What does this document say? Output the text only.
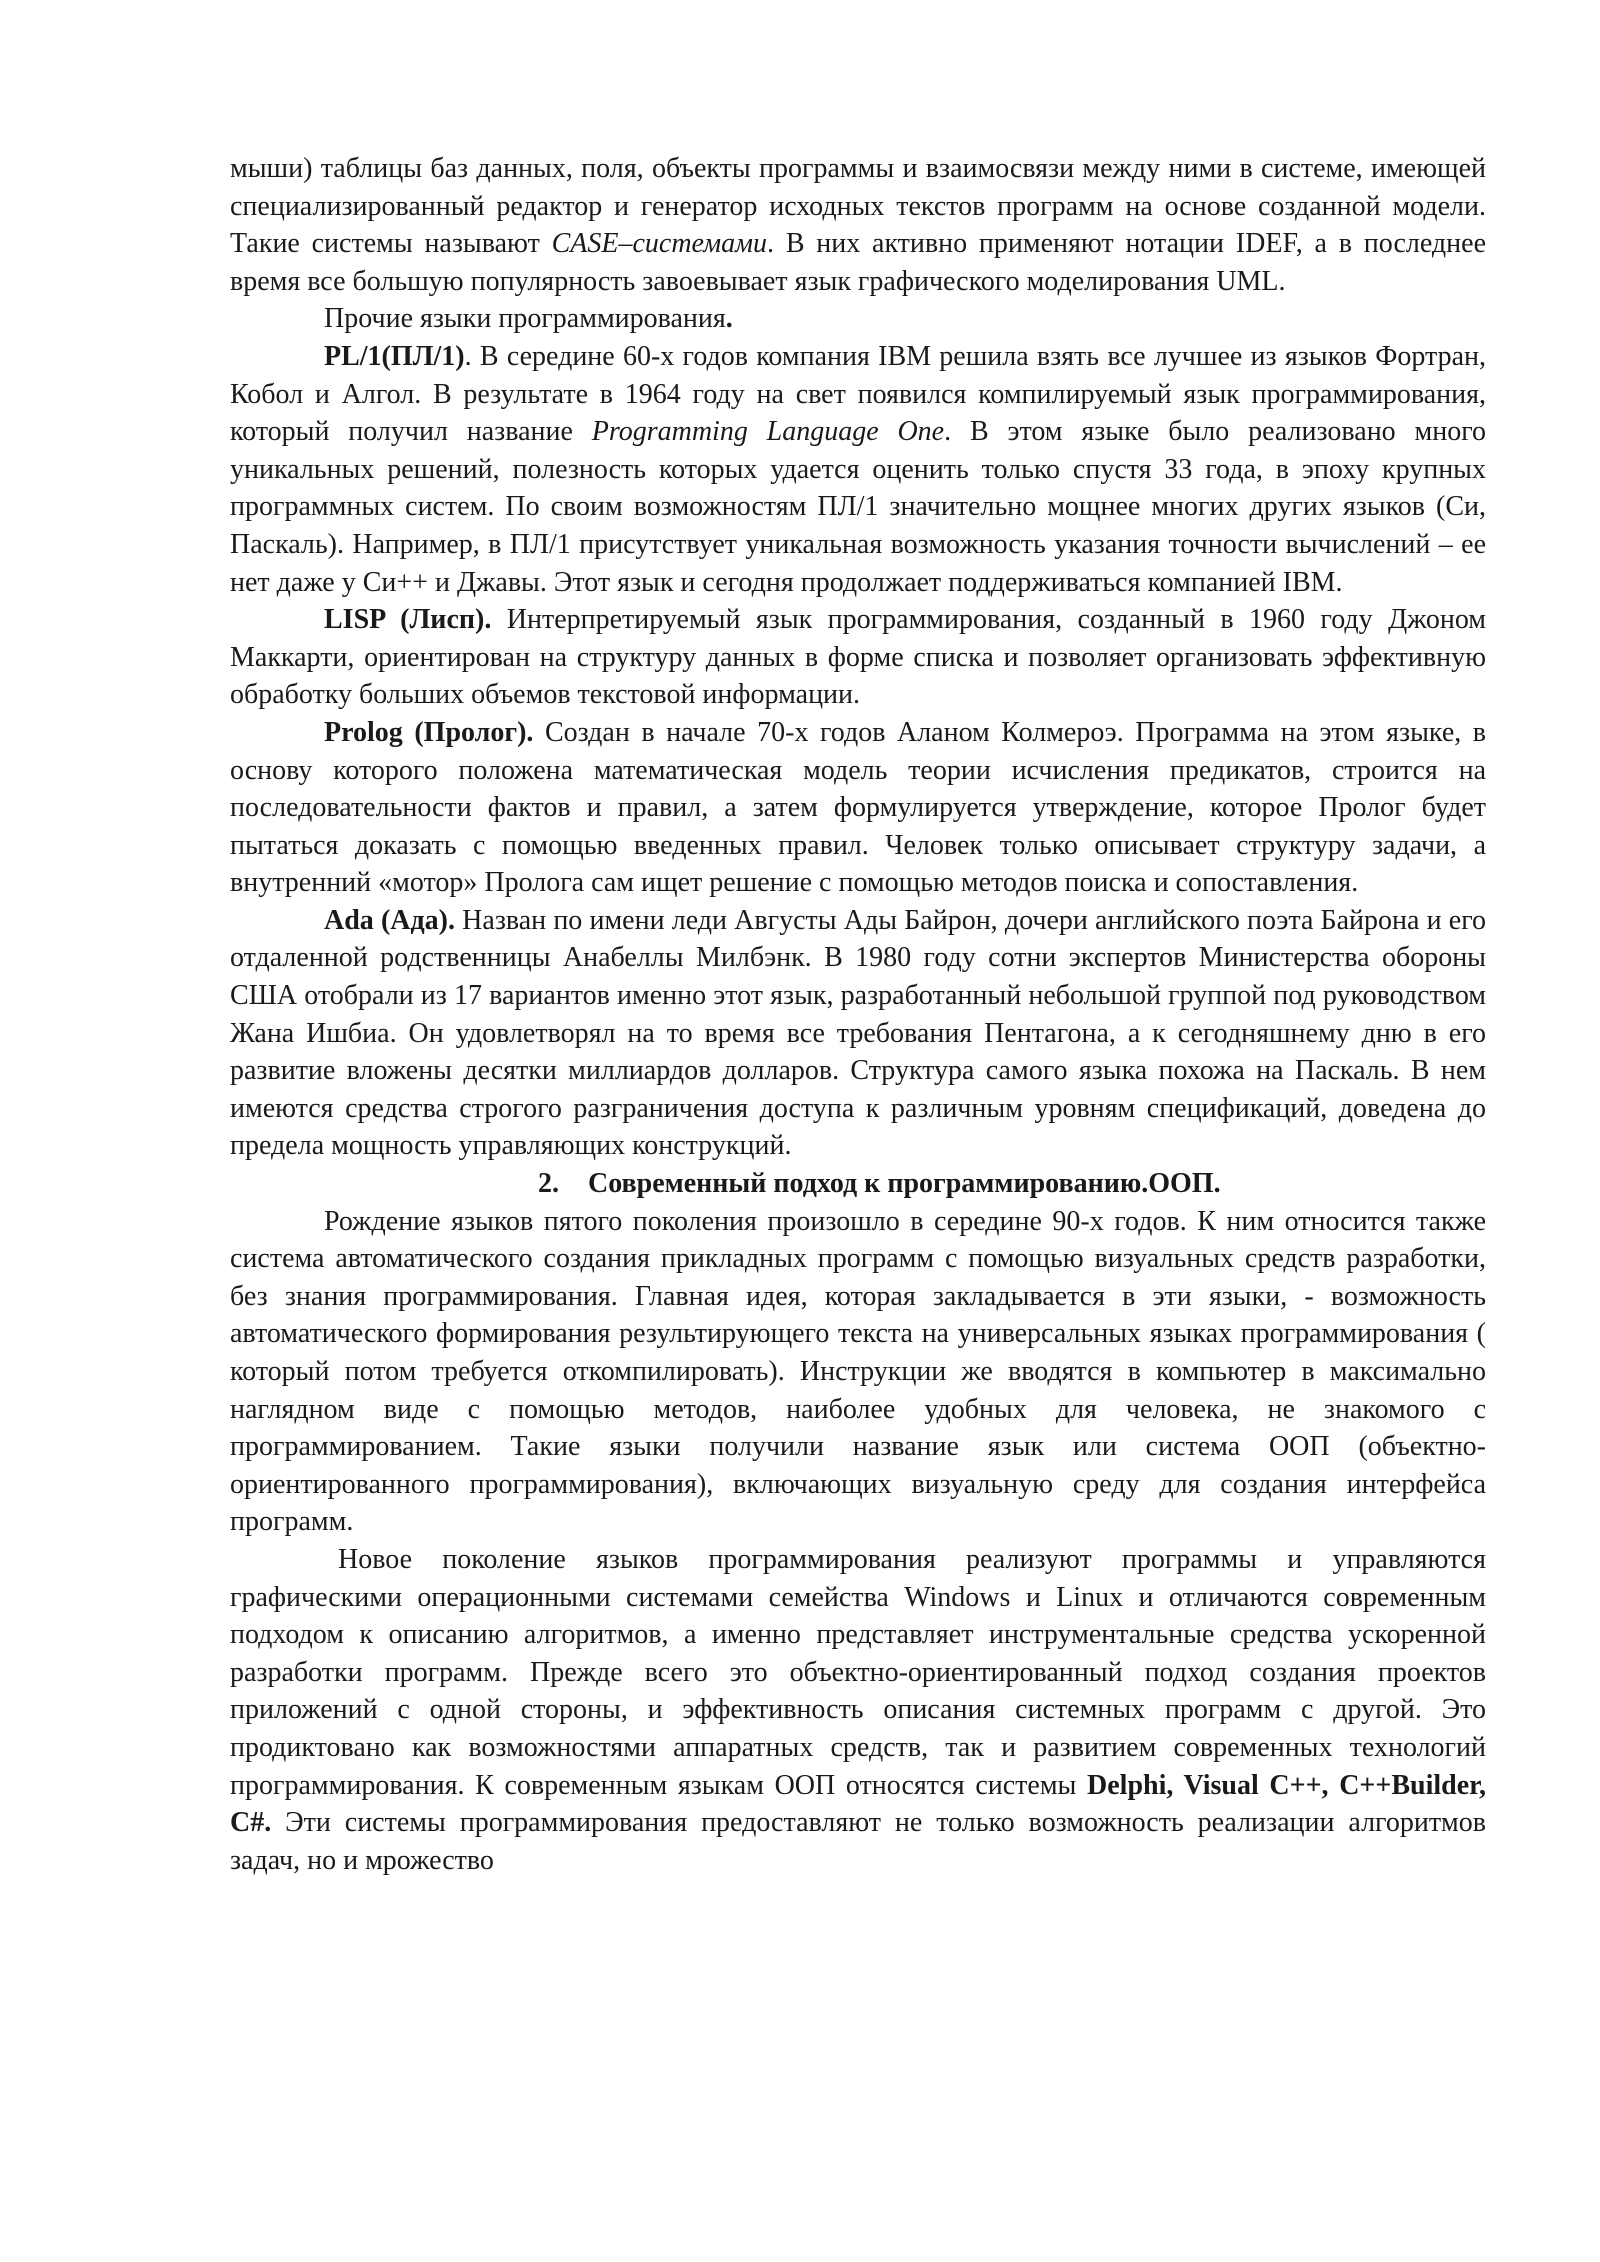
мыши) таблицы баз данных, поля, объекты программы и взаимосвязи между ними в системе, имеющей специализированный редактор и генератор исходных текстов программ на основе созданной модели. Такие системы называют CASE–системами. В них активно применяют нотации IDEF, а в последнее время все большую популярность завоевывает язык графического моделирования UML.

Прочие языки программирования.

PL/1(ПЛ/1). В середине 60-х годов компания IBM решила взять все лучшее из языков Фортран, Кобол и Алгол. В результате в 1964 году на свет появился компилируемый язык программирования, который получил название Programming Language One. В этом языке было реализовано много уникальных решений, полезность которых удается оценить только спустя 33 года, в эпоху крупных программных систем. По своим возможностям ПЛ/1 значительно мощнее многих других языков (Си, Паскаль). Например, в ПЛ/1 присутствует уникальная возможность указания точности вычислений – ее нет даже у Си++ и Джавы. Этот язык и сегодня продолжает поддерживаться компанией IBM.

LISP (Лисп). Интерпретируемый язык программирования, созданный в 1960 году Джоном Маккарти, ориентирован на структуру данных в форме списка и позволяет организовать эффективную обработку больших объемов текстовой информации.

Prolog (Пролог). Создан в начале 70-х годов Аланом Колмероэ. Программа на этом языке, в основу которого положена математическая модель теории исчисления предикатов, строится на последовательности фактов и правил, а затем формулируется утверждение, которое Пролог будет пытаться доказать с помощью введенных правил. Человек только описывает структуру задачи, а внутренний «мотор» Пролога сам ищет решение с помощью методов поиска и сопоставления.

Ada (Ада). Назван по имени леди Августы Ады Байрон, дочери английского поэта Байрона и его отдаленной родственницы Анабеллы Милбэнк. В 1980 году сотни экспертов Министерства обороны США отобрали из 17 вариантов именно этот язык, разработанный небольшой группой под руководством Жана Ишбиа. Он удовлетворял на то время все требования Пентагона, а к сегодняшнему дню в его развитие вложены десятки миллиардов долларов. Структура самого языка похожа на Паскаль. В нем имеются средства строгого разграничения доступа к различным уровням спецификаций, доведена до предела мощность управляющих конструкций.

2. Современный подход к программированию.ООП.

Рождение языков пятого поколения произошло в середине 90-х годов. К ним относится также система автоматического создания прикладных программ с помощью визуальных средств разработки, без знания программирования. Главная идея, которая закладывается в эти языки, - возможность автоматического формирования результирующего текста на универсальных языках программирования ( который потом требуется откомпилировать). Инструкции же вводятся в компьютер в максимально наглядном виде с помощью методов, наиболее удобных для человека, не знакомого с программированием. Такие языки получили название язык или система ООП (объектно-ориентированного программирования), включающих визуальную среду для создания интерфейса программ.

Новое поколение языков программирования реализуют программы и управляются графическими операционными системами семейства Windows и Linux и отличаются современным подходом к описанию алгоритмов, а именно представляет инструментальные средства ускоренной разработки программ. Прежде всего это объектно-ориентированный подход создания проектов приложений с одной стороны, и эффективность описания системных программ с другой. Это продиктовано как возможностями аппаратных средств, так и развитием современных технологий программирования. К современным языкам ООП относятся системы Delphi, Visual C++, C++Builder, C#. Эти системы программирования предоставляют не только возможность реализации алгоритмов задач, но и мрожество
